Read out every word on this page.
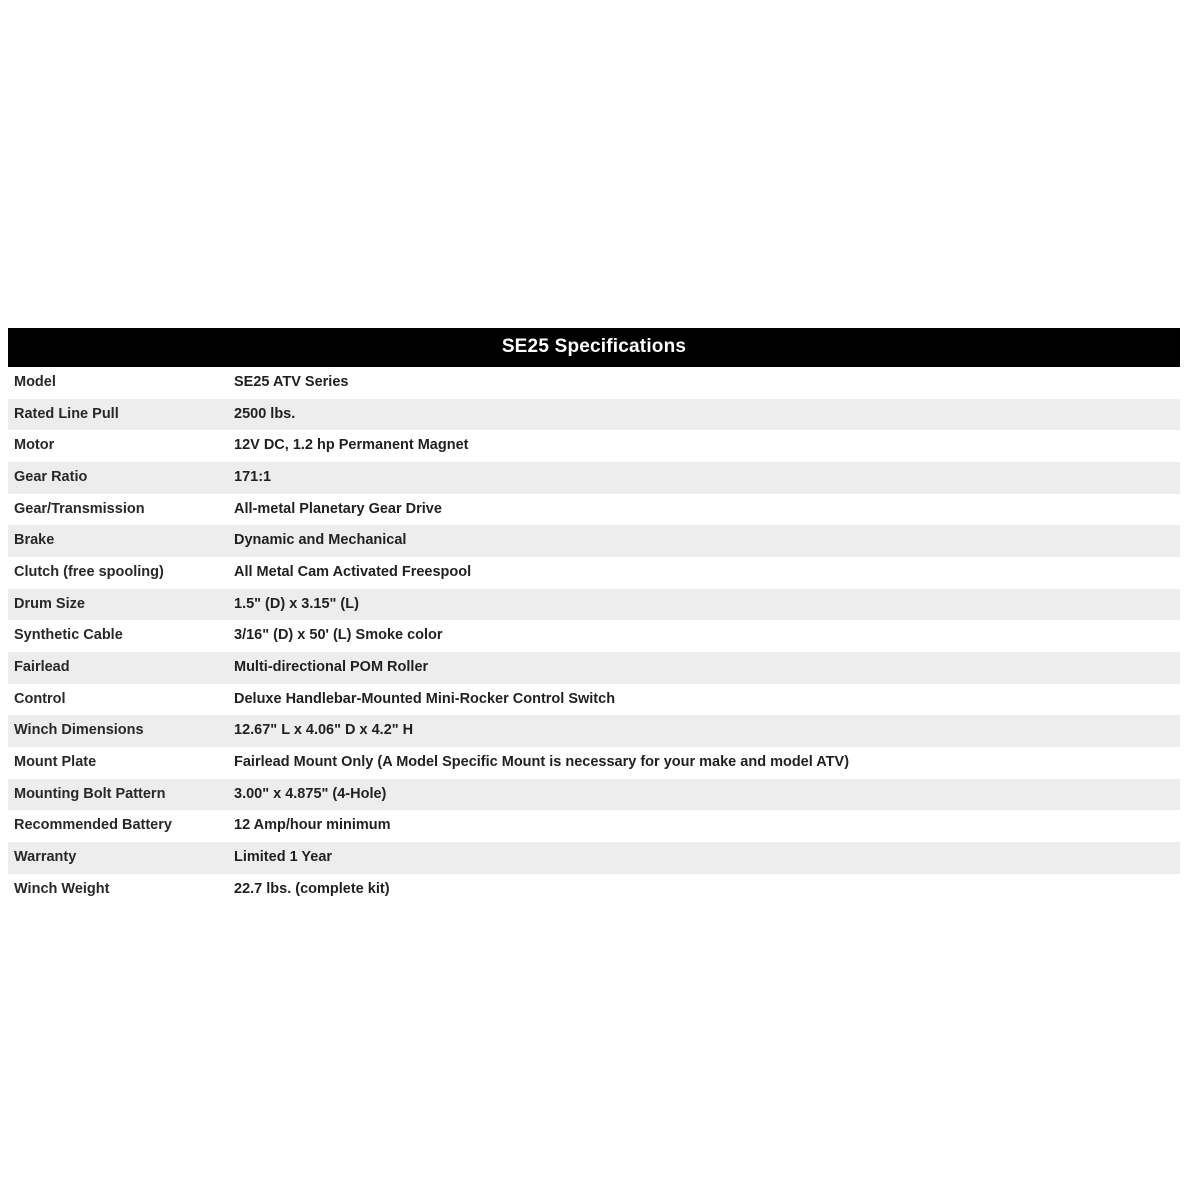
SE25 Specifications
Model	SE25 ATV Series
Rated Line Pull	2500 lbs.
Motor	12V DC, 1.2 hp Permanent Magnet
Gear Ratio	171:1
Gear/Transmission	All-metal Planetary Gear Drive
Brake	Dynamic and Mechanical
Clutch (free spooling)	All Metal Cam Activated Freespool
Drum Size	1.5" (D) x 3.15" (L)
Synthetic Cable	3/16" (D) x 50' (L) Smoke color
Fairlead	Multi-directional POM Roller
Control	Deluxe Handlebar-Mounted Mini-Rocker Control Switch
Winch Dimensions	12.67" L x 4.06" D x 4.2" H
Mount Plate	Fairlead Mount Only (A Model Specific Mount is necessary for your make and model ATV)
Mounting Bolt Pattern	3.00" x 4.875" (4-Hole)
Recommended Battery	12 Amp/hour minimum
Warranty	Limited 1 Year
Winch Weight	22.7 lbs. (complete kit)
